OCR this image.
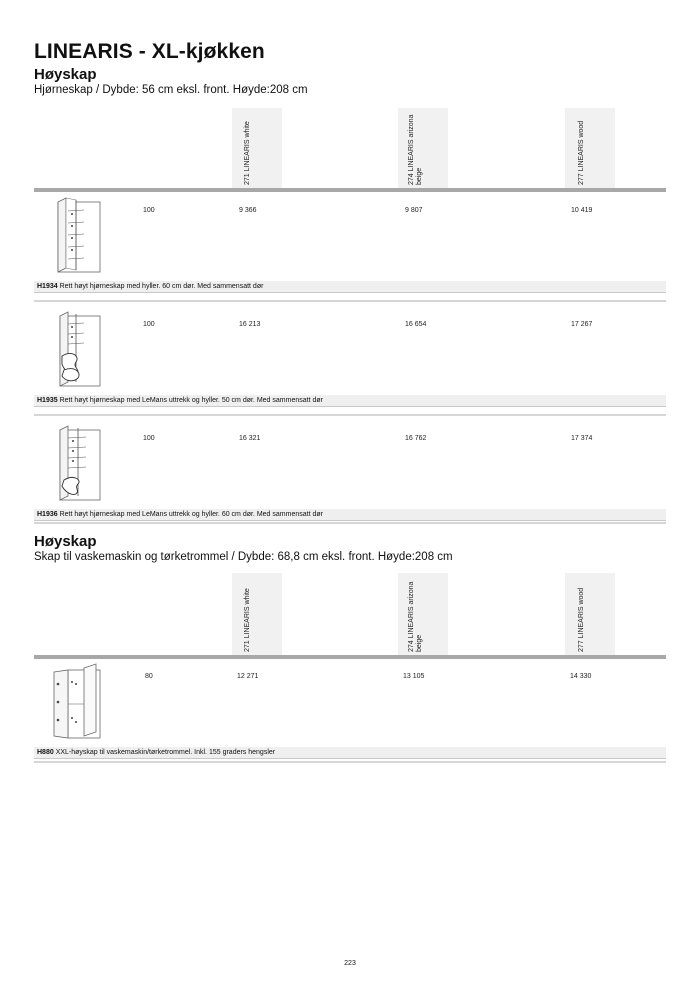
LINEARIS - XL-kjøkken
Høyskap
Hjørneskap / Dybde: 56 cm eksl. front. Høyde:208 cm
271 LINEARIS white	274 LINEARIS arizona beige	277 LINEARIS wood
100	9 366	9 807	10 419
H1934 Rett høyt hjørneskap med hyller. 60 cm dør. Med sammensatt dør
100	16 213	16 654	17 267
H1935 Rett høyt hjørneskap med LeMans uttrekk og hyller. 50 cm dør. Med sammensatt dør
100	16 321	16 762	17 374
H1936 Rett høyt hjørneskap med LeMans uttrekk og hyller. 60 cm dør. Med sammensatt dør
Høyskap
Skap til vaskemaskin og tørketrommel / Dybde: 68,8 cm eksl. front. Høyde:208 cm
271 LINEARIS white	274 LINEARIS arizona beige	277 LINEARIS wood
80	12 271	13 105	14 330
H880 XXL-høyskap til vaskemaskin/tørketrommel. Inkl. 155 graders hengsler
223
